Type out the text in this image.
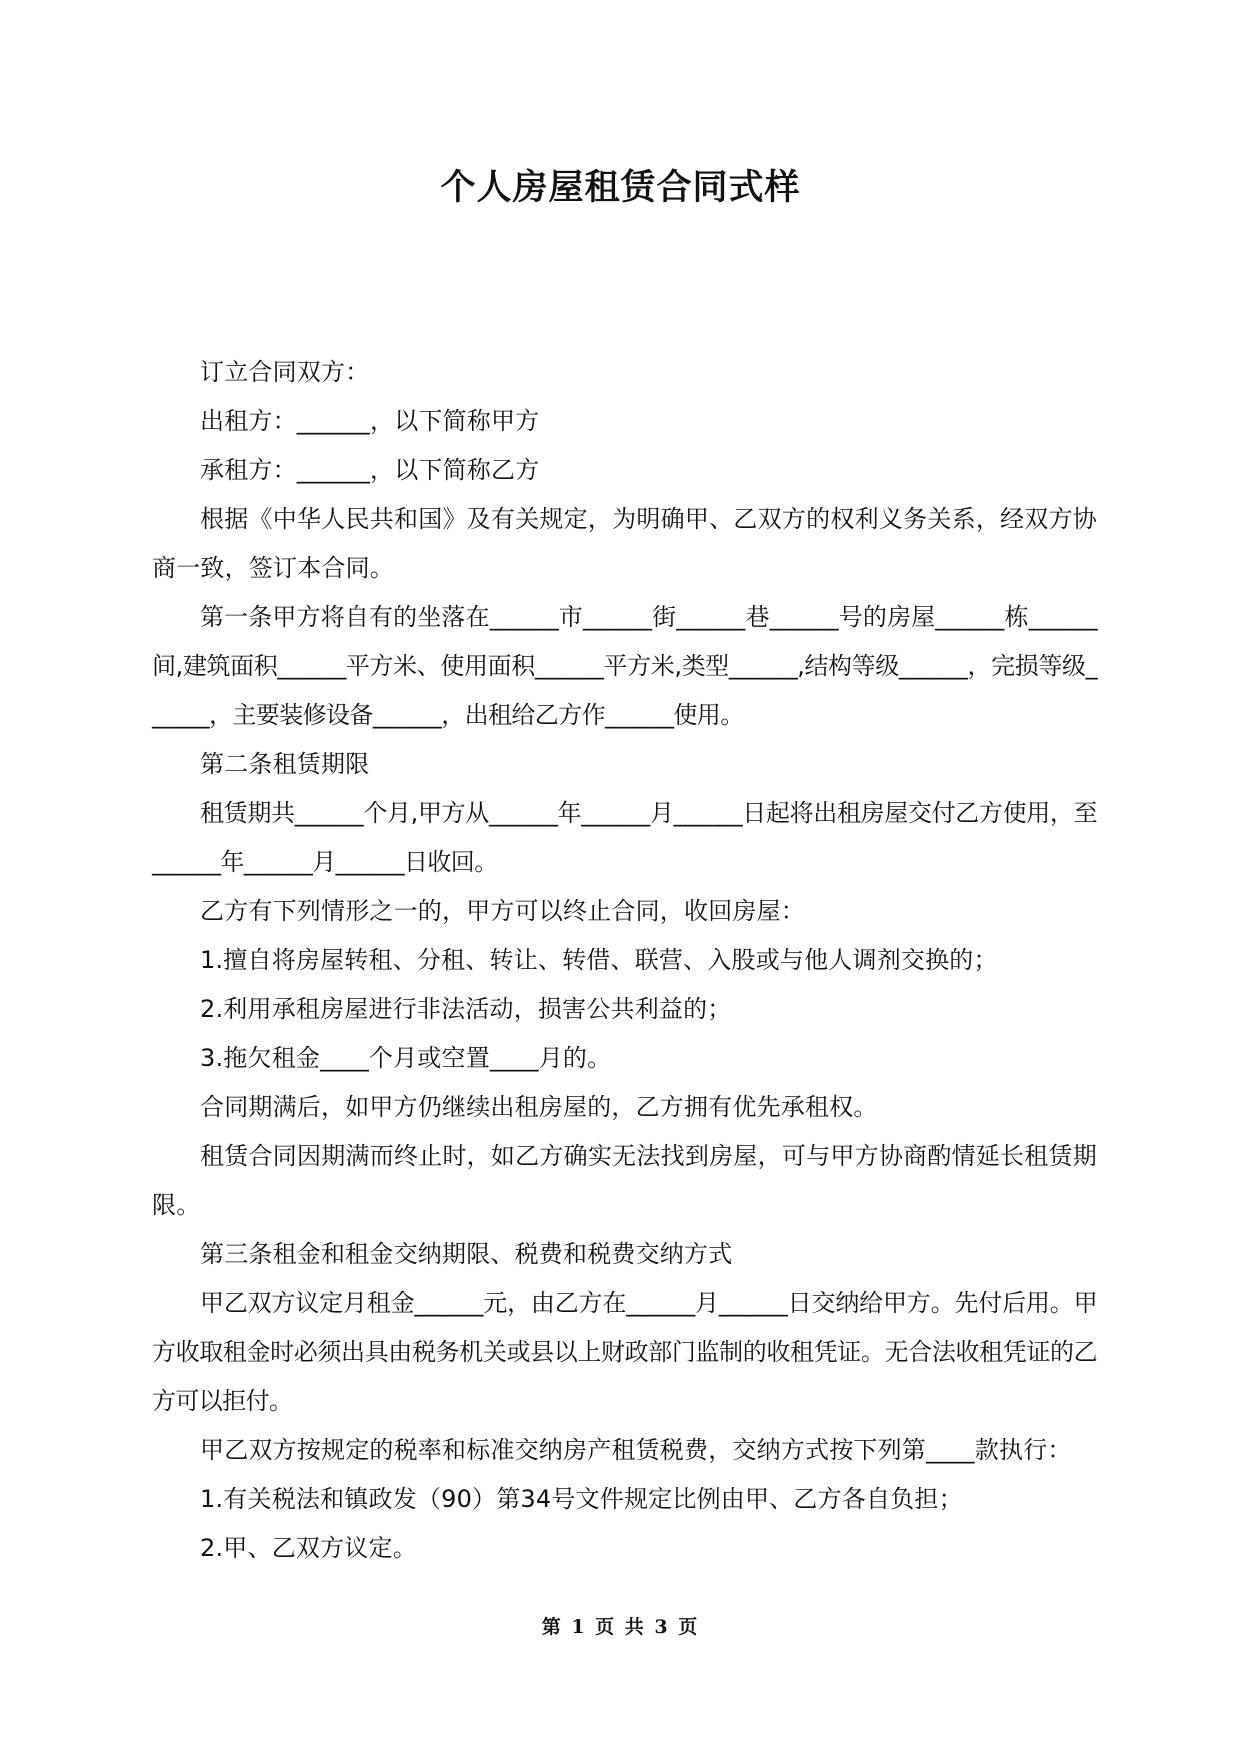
个人房屋租赁合同式样

订立合同双方：

出租方：______，以下简称甲方

承租方：______，以下简称乙方

根据《中华人民共和国》及有关规定，为明确甲、乙双方的权利义务关系，经双方协商一致，签订本合同。

第一条甲方将自有的坐落在______市______街______巷______号的房屋______栋______间,建筑面积______平方米、使用面积______平方米,类型______,结构等级______，完损等级______，主要装修设备______，出租给乙方作______使用。

第二条租赁期限

租赁期共______个月,甲方从______年______月______日起将出租房屋交付乙方使用，至______年______月______日收回。

乙方有下列情形之一的，甲方可以终止合同，收回房屋：

1.擅自将房屋转租、分租、转让、转借、联营、入股或与他人调剂交换的；

2.利用承租房屋进行非法活动，损害公共利益的；

3.拖欠租金____个月或空置____月的。

合同期满后，如甲方仍继续出租房屋的，乙方拥有优先承租权。

租赁合同因期满而终止时，如乙方确实无法找到房屋，可与甲方协商酌情延长租赁期限。

第三条租金和租金交纳期限、税费和税费交纳方式

甲乙双方议定月租金______元，由乙方在______月______日交纳给甲方。先付后用。甲方收取租金时必须出具由税务机关或县以上财政部门监制的收租凭证。无合法收租凭证的乙方可以拒付。

甲乙双方按规定的税率和标准交纳房产租赁税费，交纳方式按下列第____款执行：

1.有关税法和镇政发（90）第34号文件规定比例由甲、乙方各自负担；

2.甲、乙双方议定。

第 1 页 共 3 页
